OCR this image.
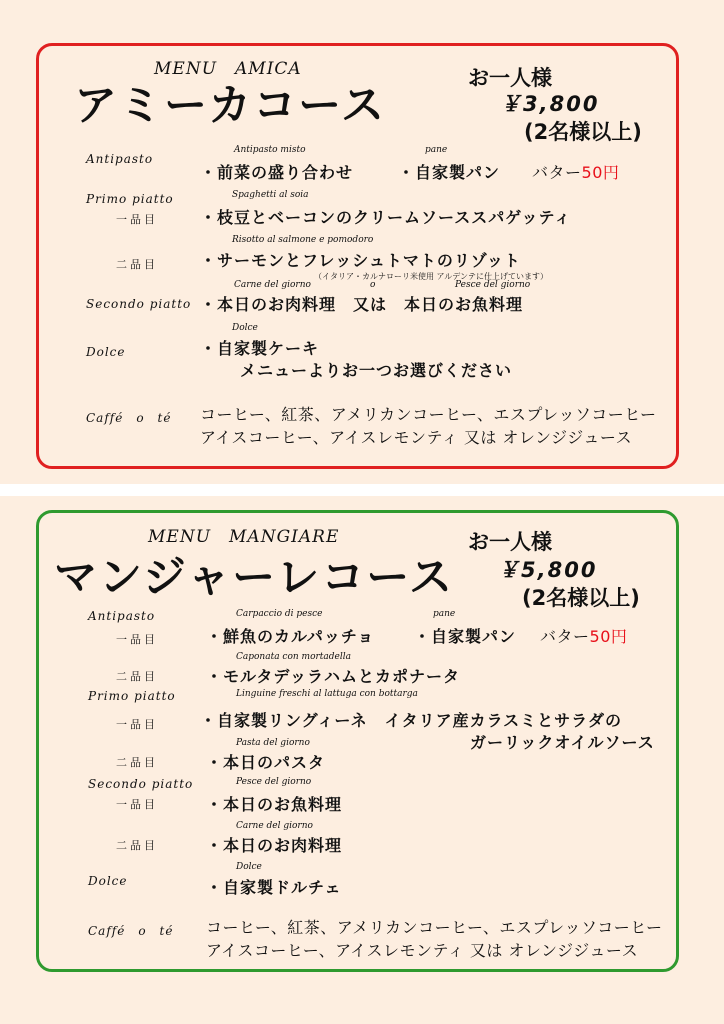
MENU　AMICA
アミーカコース
お一人様
￥3,800
(2名様以上)
Antipasto misto	pane
Antipasto
・前菜の盛り合わせ	・自家製パン バター50円
Primo piatto	Spaghetti al soia
一品目	・枝豆とベーコンのクリームソーススパゲッティ
Risotto al salmone e pomodoro
二品目	・サーモンとフレッシュトマトのリゾット
（イタリア・カルナローリ米使用 アルデンテに仕上げています）
Carne del giorno	o	Pesce del giorno
Secondo piatto ・本日のお肉料理　又は　本日のお魚料理
Dolce
Dolce	・自家製ケーキ
メニューよりお一つお選びください
Caffé　o　té コーヒー、紅茶、アメリカンコーヒー、エスプレッソコーヒー
アイスコーヒー、アイスレモンティ 又は オレンジジュース
MENU　MANGIARE
マンジャーレコース
お一人様
￥5,800
(2名様以上)
Antipasto	Carpaccio di pesce	pane
一品目	・鮮魚のカルパッチョ ・自家製パン バター50円
Caponata con mortadella
二品目	・モルタデッラハムとカポナータ
Primo piatto	Linguine freschi al lattuga con bottarga
一品目	・自家製リングィーネ　イタリア産カラスミとサラダの
ガーリックオイルソース
Pasta del giorno
二品目	・本日のパスタ
Secondo piatto	Pesce del giorno
一品目	・本日のお魚料理
Carne del giorno
二品目	・本日のお肉料理
Dolce
Dolce	・自家製ドルチェ
Caffé　o　té コーヒー、紅茶、アメリカンコーヒー、エスプレッソコーヒー
アイスコーヒー、アイスレモンティ 又は オレンジジュース
